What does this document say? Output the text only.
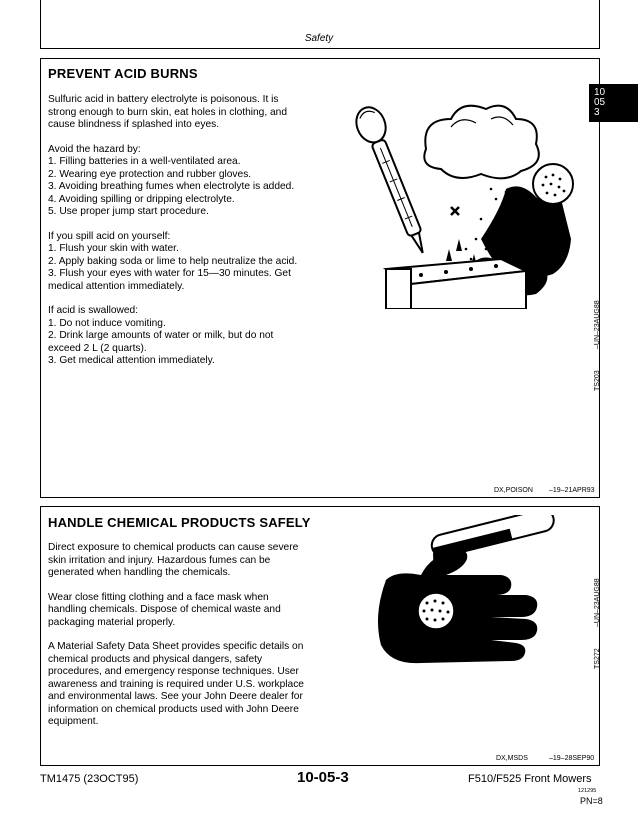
Safety
10
05
3
PREVENT ACID BURNS

Sulfuric acid in battery electrolyte is poisonous. It is
strong enough to burn skin, eat holes in clothing, and
cause blindness if splashed into eyes.

Avoid the hazard by:
1. Filling batteries in a well-ventilated area.
2. Wearing eye protection and rubber gloves.
3. Avoiding breathing fumes when electrolyte is added.
4. Avoiding spilling or dripping electrolyte.
5. Use proper jump start procedure.

If you spill acid on yourself:
1. Flush your skin with water.
2. Apply baking soda or lime to help neutralize the acid.
3. Flush your eyes with water for 15—30 minutes. Get
medical attention immediately.

If acid is swallowed:
1. Do not induce vomiting.
2. Drink large amounts of water or milk, but do not
exceed 2 L (2 quarts).
3. Get medical attention immediately.

TS203
–UN–23AUG88
DX,POISON –19–21APR93
HANDLE CHEMICAL PRODUCTS SAFELY

Direct exposure to chemical products can cause severe
skin irritation and injury. Hazardous fumes can be
generated when handling the chemicals.

Wear close fitting clothing and a face mask when
handling chemicals. Dispose of chemical waste and
packaging material properly.

A Material Safety Data Sheet provides specific details on
chemical products and physical dangers, safety
procedures, and emergency response techniques. User
awareness and training is required under U.S. workplace
and environmental laws. See your John Deere dealer for
information on chemical products used with John Deere
equipment.

TS272
–UN–23AUG88
DX,MSDS	–19–28SEP90
TM1475 (23OCT95)	10-05-3	F510/F525 Front Mowers
121295
PN=8
